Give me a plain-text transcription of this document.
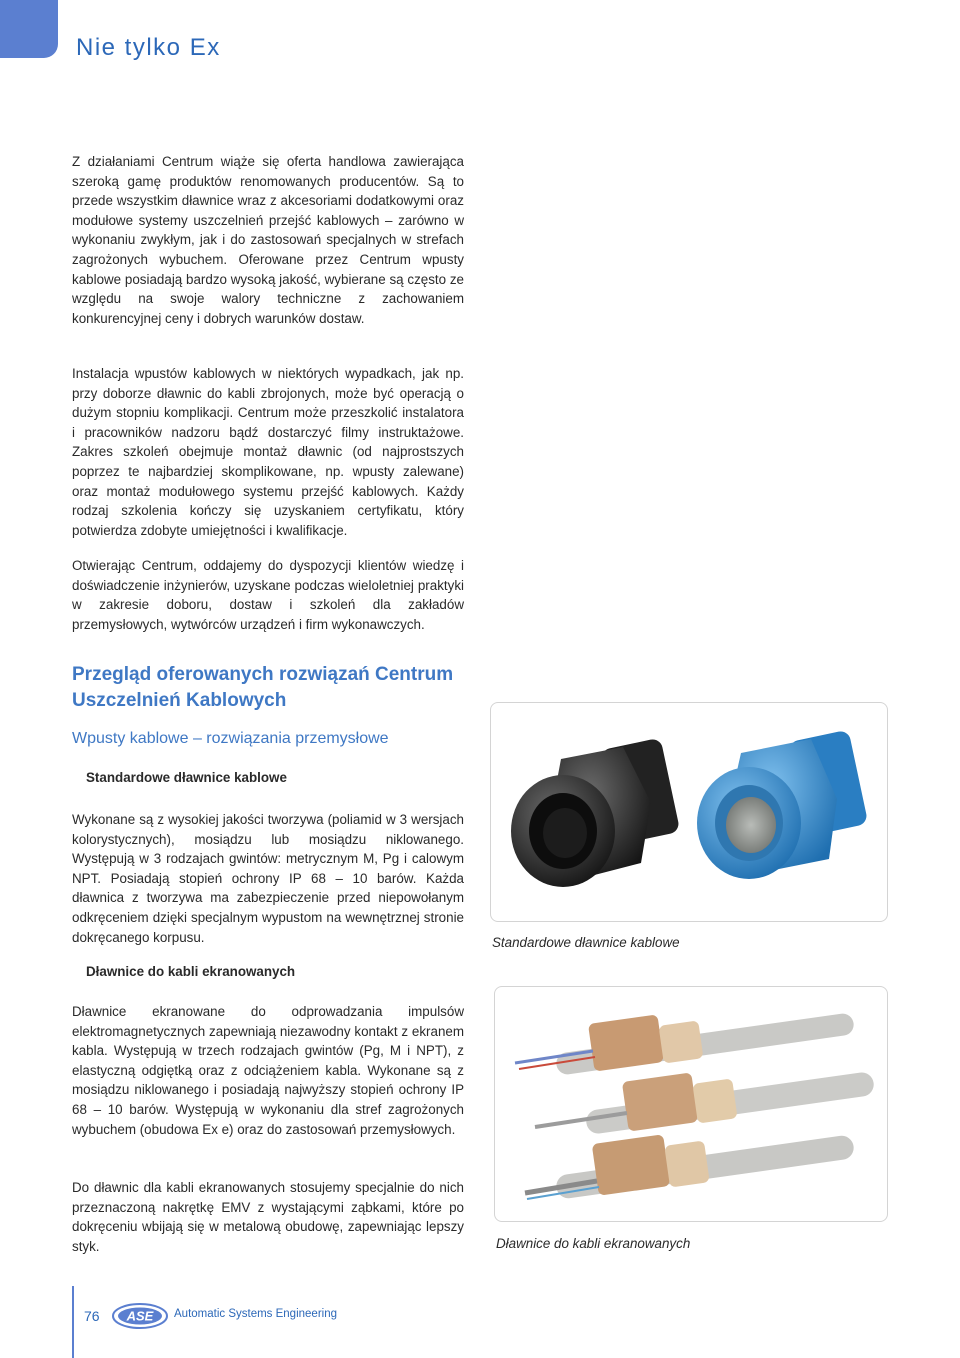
Nie tylko Ex

Z działaniami Centrum wiąże się oferta handlowa zawierająca szeroką gamę produktów renomowanych producentów. Są to przede wszystkim dławnice wraz z akcesoriami dodatkowymi oraz modułowe systemy uszczelnień przejść kablowych – zarówno w wykonaniu zwykłym, jak i do zastosowań specjalnych w strefach zagrożonych wybuchem. Oferowane przez Centrum wpusty kablowe posiadają bardzo wysoką jakość, wybierane są często ze względu na swoje walory techniczne z zachowaniem konkurencyjnej ceny i dobrych warunków dostaw.

Instalacja wpustów kablowych w niektórych wypadkach, jak np. przy doborze dławnic do kabli zbrojonych, może być operacją o dużym stopniu komplikacji. Centrum może przeszkolić instalatora i pracowników nadzoru bądź dostarczyć filmy instruktażowe. Zakres szkoleń obejmuje montaż dławnic (od najprostszych poprzez te najbardziej skomplikowane, np. wpusty zalewane) oraz montaż modułowego systemu przejść kablowych. Każdy rodzaj szkolenia kończy się uzyskaniem certyfikatu, który potwierdza zdobyte umiejętności i kwalifikacje.

Otwierając Centrum, oddajemy do dyspozycji klientów wiedzę i doświadczenie inżynierów, uzyskane podczas wieloletniej praktyki w zakresie doboru, dostaw i szkoleń dla zakładów przemysłowych, wytwórców urządzeń i firm wykonawczych.

Przegląd oferowanych rozwiązań Centrum
Uszczelnień Kablowych
Wpusty kablowe – rozwiązania przemysłowe
Standardowe dławnice kablowe

Wykonane są z wysokiej jakości tworzywa (poliamid w 3 wersjach kolorystycznych), mosiądzu lub mosiądzu niklowanego. Występują w 3 rodzajach gwintów: metrycznym M, Pg i calowym NPT. Posiadają stopień ochrony IP 68 – 10 barów. Każda dławnica z tworzywa ma zabezpieczenie przed niepowołanym odkręceniem dzięki specjalnym wypustom na wewnętrznej stronie dokręcanego korpusu.	Standardowe dławnice kablowe
Dławnice do kabli ekranowanych

Dławnice ekranowane do odprowadzania impulsów elektromagnetycznych zapewniają niezawodny kontakt z ekranem kabla. Występują w trzech rodzajach gwintów (Pg, M i NPT), z elastyczną odgiętką oraz z odciążeniem kabla. Wykonane są z mosiądzu niklowanego i posiadają najwyższy stopień ochrony IP 68 – 10 barów. Występują w wykonaniu dla stref zagrożonych wybuchem (obudowa Ex e) oraz do zastosowań przemysłowych.

Do dławnic dla kabli ekranowanych stosujemy specjalnie do nich przeznaczoną nakrętkę EMV z wystającymi ząbkami, które po dokręceniu wbijają się w metalową obudowę, zapewniając lepszy styk.	Dławnice do kabli ekranowanych
76 ASE Automatic Systems Engineering
